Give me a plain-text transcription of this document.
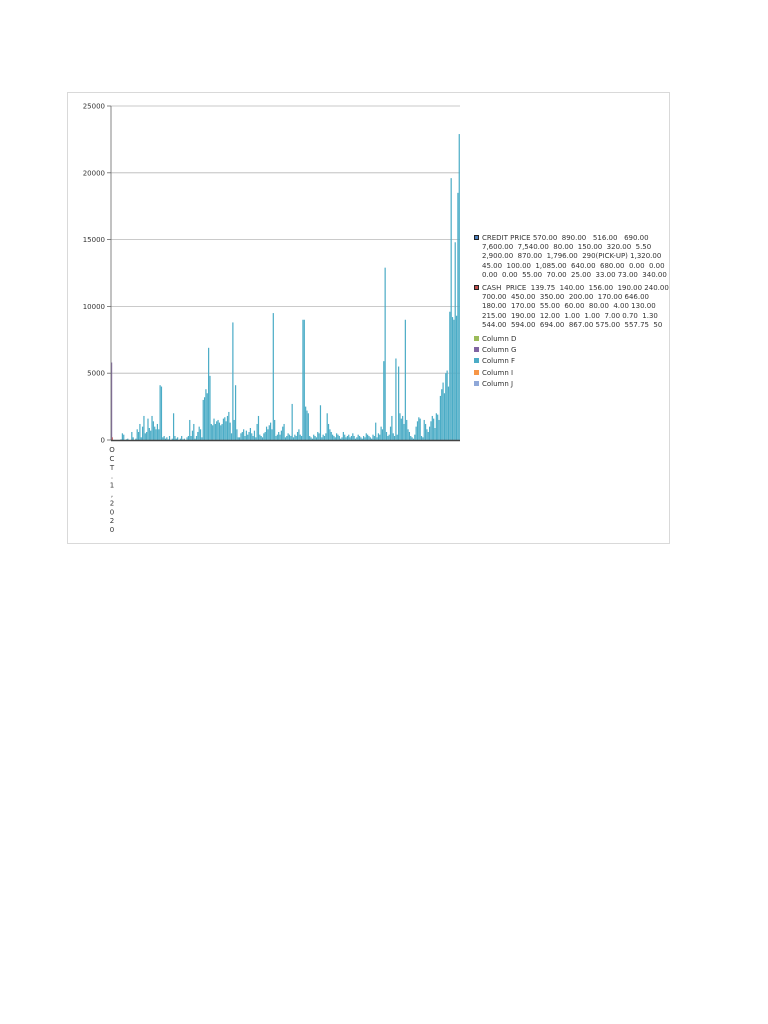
0
5000
10000
15000
20000
25000
O C T . 1 , 2 0 2 0
CREDIT PRICE 570.00  890.00   516.00   690.00 7,600.00  7,540.00  80.00  150.00  320.00  5.50 2,900.00  870.00  1,796.00  290(PICK-UP) 1,320.00  45.00  100.00  1,085.00  640.00  680.00  0.00  0.00  0.00  0.00  55.00  70.00  25.00  33.00 73.00  340.00
CASH  PRICE  139.75  140.00  156.00  190.00 240.00  700.00  450.00  350.00  200.00  170.00 646.00  180.00  170.00  55.00  60.00  80.00  4.00 130.00  215.00  190.00  12.00  1.00  1.00  7.00 0.70  1.30  544.00  594.00  694.00  867.00 575.00  557.75  50
Column D
Column G
Column F
Column I
Column J
